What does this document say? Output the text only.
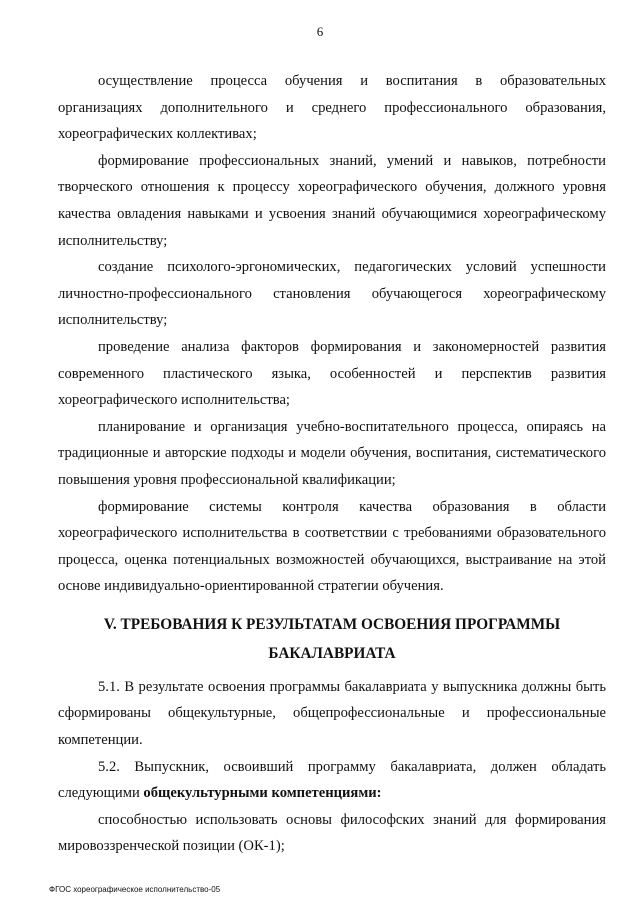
6

осуществление процесса обучения и воспитания в образовательных организациях дополнительного и среднего профессионального образования, хореографических коллективах;

формирование профессиональных знаний, умений и навыков, потребности творческого отношения к процессу хореографического обучения, должного уровня качества овладения навыками и усвоения знаний обучающимися хореографическому исполнительству;

создание психолого-эргономических, педагогических условий успешности личностно-профессионального становления обучающегося хореографическому исполнительству;

проведение анализа факторов формирования и закономерностей развития современного пластического языка, особенностей и перспектив развития хореографического исполнительства;

планирование и организация учебно-воспитательного процесса, опираясь на традиционные и авторские подходы и модели обучения, воспитания, систематического повышения уровня профессиональной квалификации;

формирование системы контроля качества образования в области хореографического исполнительства в соответствии с требованиями образовательного процесса, оценка потенциальных возможностей обучающихся, выстраивание на этой основе индивидуально-ориентированной стратегии обучения.

V. ТРЕБОВАНИЯ К РЕЗУЛЬТАТАМ ОСВОЕНИЯ ПРОГРАММЫ БАКАЛАВРИАТА

5.1. В результате освоения программы бакалавриата у выпускника должны быть сформированы общекультурные, общепрофессиональные и профессиональные компетенции.

5.2. Выпускник, освоивший программу бакалавриата, должен обладать следующими общекультурными компетенциями:

способностью использовать основы философских знаний для формирования мировоззренческой позиции (ОК-1);

ФГОС хореографическое исполнительство-05
